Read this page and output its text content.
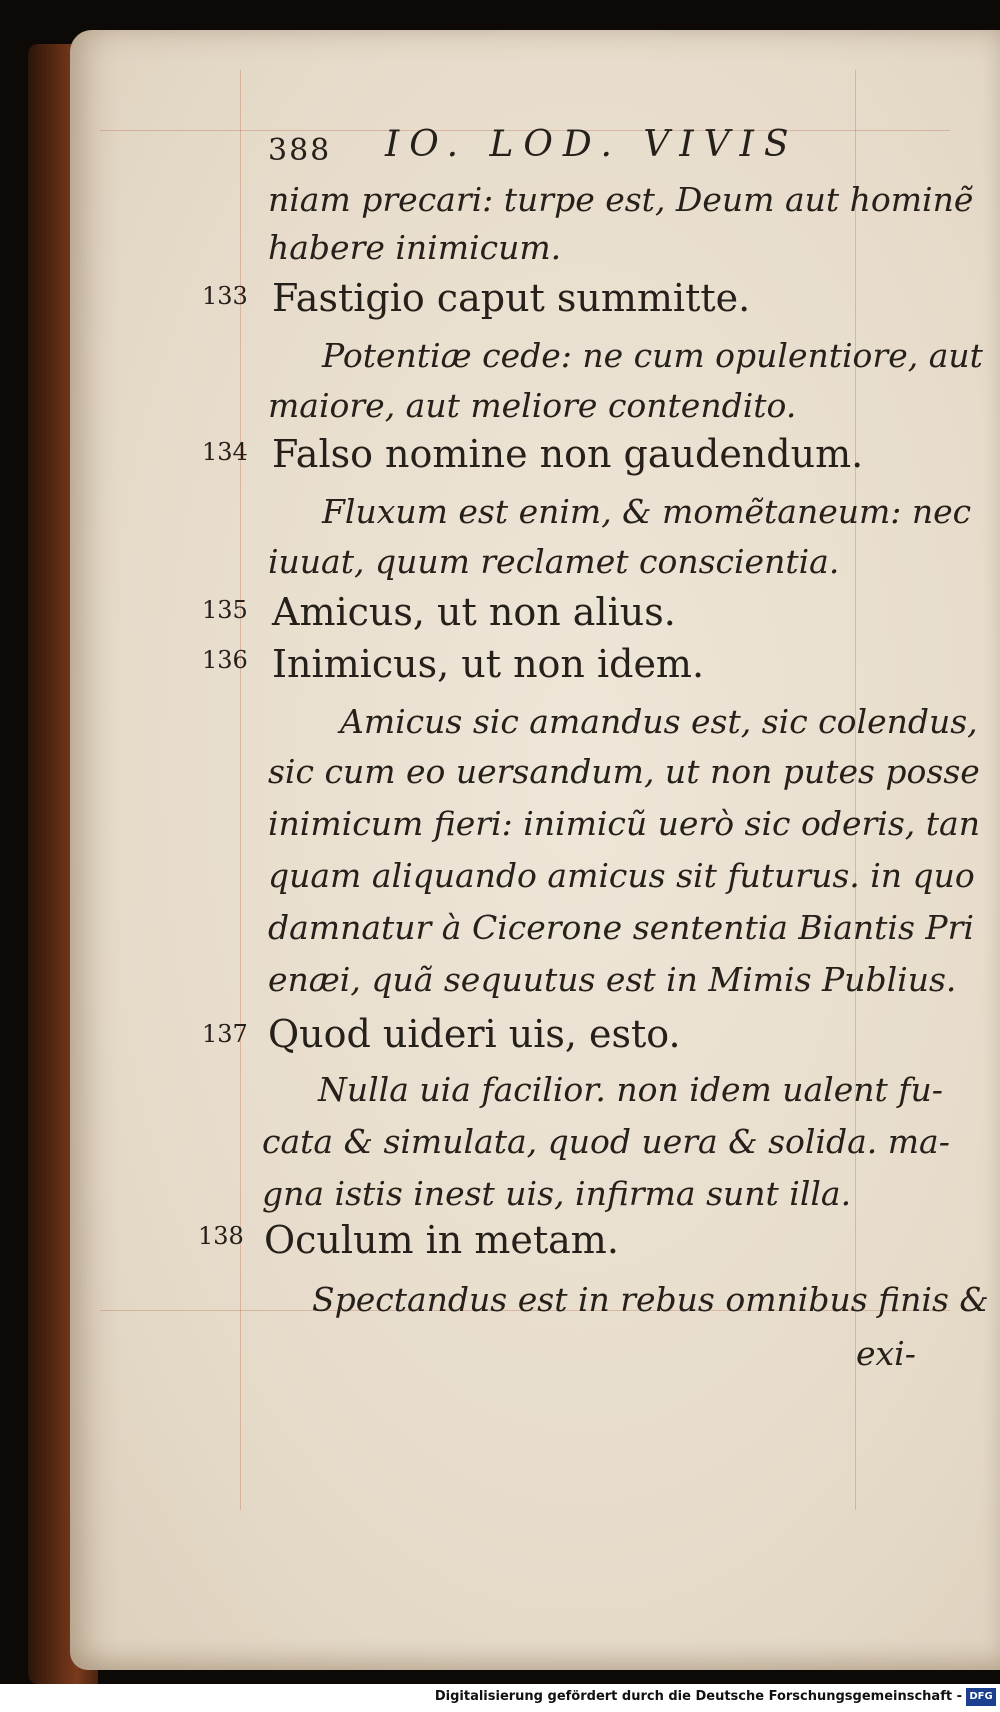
388 IO. LOD. VIVIS
niam precari: turpe est, Deum aut hominẽ
habere inimicum.
133 Fastigio caput summitte.
Potentiæ cede: ne cum opulentiore, aut
maiore, aut meliore contendito.
134 Falso nomine non gaudendum.
Fluxum est enim, & momẽtaneum: nec
iuuat, quum reclamet conscientia.
135 Amicus, ut non alius.
136 Inimicus, ut non idem.
Amicus sic amandus est, sic colendus,
sic cum eo uersandum, ut non putes posse
inimicum fieri: inimicũ uerò sic oderis, tan
quam aliquando amicus sit futurus. in quo
damnatur à Cicerone sententia Biantis Pri
enæi, quã sequutus est in Mimis Publius.
137 Quod uideri uis, esto.
Nulla uia facilior. non idem ualent fu-
cata & simulata, quod uera & solida. ma-
gna istis inest uis, infirma sunt illa.
138 Oculum in metam.
Spectandus est in rebus omnibus finis &
exi-
Digitalisierung gefördert durch die Deutsche Forschungsgemeinschaft - DFG
